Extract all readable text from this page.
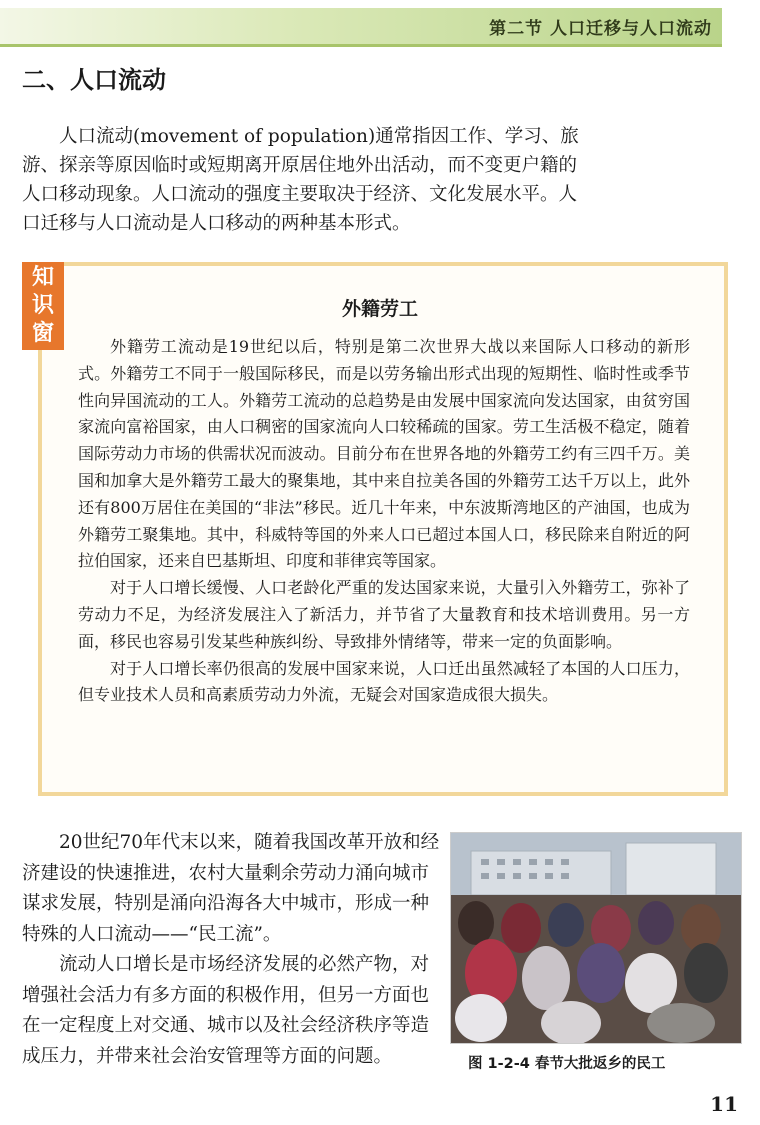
第二节 人口迁移与人口流动
二、人口流动

人口流动(movement of population)通常指因工作、学习、旅游、探亲等原因临时或短期离开原居住地外出活动，而不变更户籍的人口移动现象。人口流动的强度主要取决于经济、文化发展水平。人口迁移与人口流动是人口移动的两种基本形式。

知识窗
外籍劳工

外籍劳工流动是19世纪以后，特别是第二次世界大战以来国际人口移动的新形式。外籍劳工不同于一般国际移民，而是以劳务输出形式出现的短期性、临时性或季节性向异国流动的工人。外籍劳工流动的总趋势是由发展中国家流向发达国家，由贫穷国家流向富裕国家，由人口稠密的国家流向人口较稀疏的国家。劳工生活极不稳定，随着国际劳动力市场的供需状况而波动。目前分布在世界各地的外籍劳工约有三四千万。美国和加拿大是外籍劳工最大的聚集地，其中来自拉美各国的外籍劳工达千万以上，此外还有800万居住在美国的“非法”移民。近几十年来，中东波斯湾地区的产油国，也成为外籍劳工聚集地。其中，科威特等国的外来人口已超过本国人口，移民除来自附近的阿拉伯国家，还来自巴基斯坦、印度和菲律宾等国家。

对于人口增长缓慢、人口老龄化严重的发达国家来说，大量引入外籍劳工，弥补了劳动力不足，为经济发展注入了新活力，并节省了大量教育和技术培训费用。另一方面，移民也容易引发某些种族纠纷、导致排外情绪等，带来一定的负面影响。

对于人口增长率仍很高的发展中国家来说，人口迁出虽然减轻了本国的人口压力，但专业技术人员和高素质劳动力外流，无疑会对国家造成很大损失。

20世纪70年代末以来，随着我国改革开放和经济建设的快速推进，农村大量剩余劳动力涌向城市谋求发展，特别是涌向沿海各大中城市，形成一种特殊的人口流动——“民工流”。

流动人口增长是市场经济发展的必然产物，对增强社会活力有多方面的积极作用，但另一方面也在一定程度上对交通、城市以及社会经济秩序等造成压力，并带来社会治安管理等方面的问题。	图 1-2-4 春节大批返乡的民工
11
